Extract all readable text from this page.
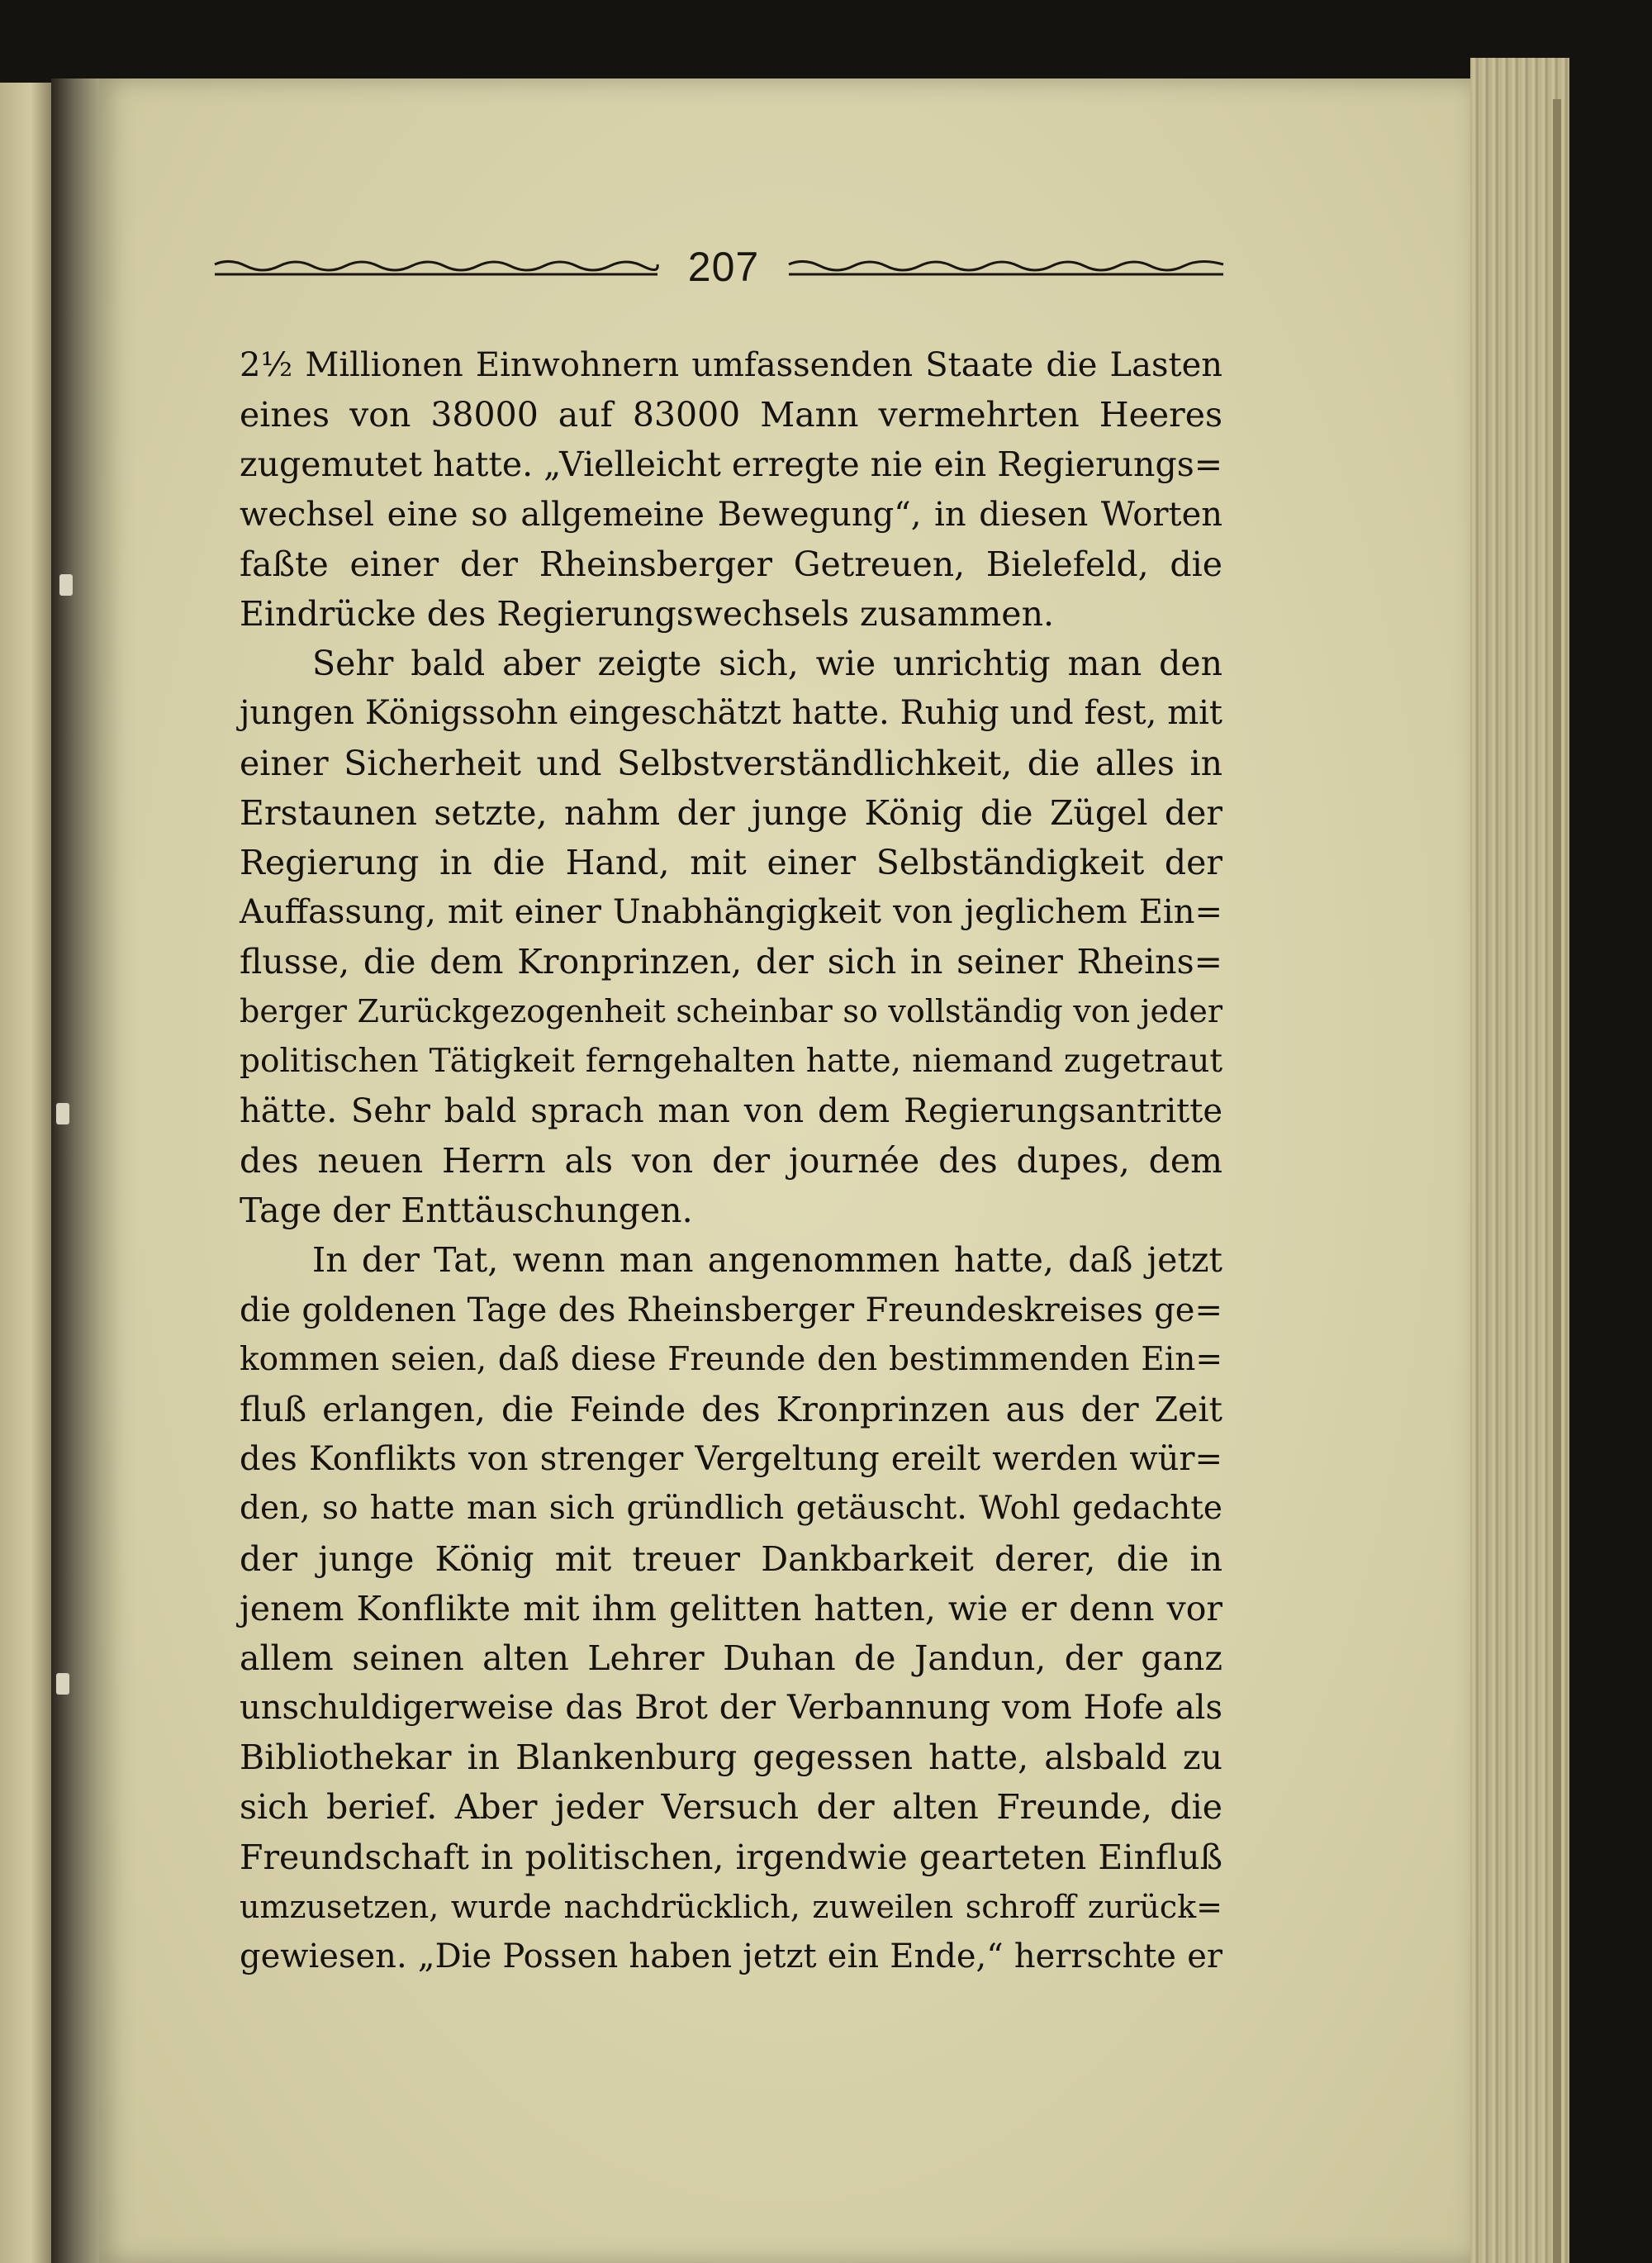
207
2½ Millionen Einwohnern umfassenden Staate die Lasten
eines von 38000 auf 83000 Mann vermehrten Heeres
zugemutet hatte. „Vielleicht erregte nie ein Regierungs=
wechsel eine so allgemeine Bewegung“, in diesen Worten
faßte einer der Rheinsberger Getreuen, Bielefeld, die
Eindrücke des Regierungswechsels zusammen.
Sehr bald aber zeigte sich, wie unrichtig man den
jungen Königssohn eingeschätzt hatte. Ruhig und fest, mit
einer Sicherheit und Selbstverständlichkeit, die alles in
Erstaunen setzte, nahm der junge König die Zügel der
Regierung in die Hand, mit einer Selbständigkeit der
Auffassung, mit einer Unabhängigkeit von jeglichem Ein=
flusse, die dem Kronprinzen, der sich in seiner Rheins=
berger Zurückgezogenheit scheinbar so vollständig von jeder
politischen Tätigkeit ferngehalten hatte, niemand zugetraut
hätte. Sehr bald sprach man von dem Regierungsantritte
des neuen Herrn als von der journée des dupes, dem
Tage der Enttäuschungen.
In der Tat, wenn man angenommen hatte, daß jetzt
die goldenen Tage des Rheinsberger Freundeskreises ge=
kommen seien, daß diese Freunde den bestimmenden Ein=
fluß erlangen, die Feinde des Kronprinzen aus der Zeit
des Konflikts von strenger Vergeltung ereilt werden wür=
den, so hatte man sich gründlich getäuscht. Wohl gedachte
der junge König mit treuer Dankbarkeit derer, die in
jenem Konflikte mit ihm gelitten hatten, wie er denn vor
allem seinen alten Lehrer Duhan de Jandun, der ganz
unschuldigerweise das Brot der Verbannung vom Hofe als
Bibliothekar in Blankenburg gegessen hatte, alsbald zu
sich berief. Aber jeder Versuch der alten Freunde, die
Freundschaft in politischen, irgendwie gearteten Einfluß
umzusetzen, wurde nachdrücklich, zuweilen schroff zurück=
gewiesen. „Die Possen haben jetzt ein Ende,“ herrschte er
